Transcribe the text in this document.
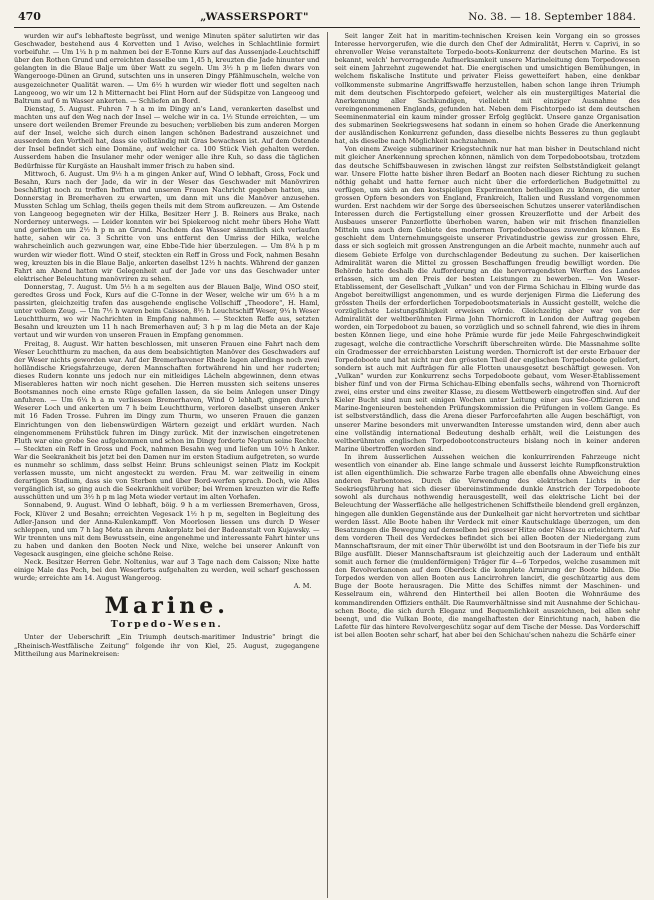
470	„WASSERSPORT"	No. 38. — 18. September 1884.

wurden wir auf's lebhafteste begrüsst, und wenige Minuten später salutirten wir das Geschwader, bestehend aus 4 Korvetten und 1 Aviso, welches in Schlachtlinie formirt vorbeifuhr. — Um 1¼ h p m nahmen bei der E-Tonne Kurs auf das Aussenjade-Leuchtschiff über den Rothen Grund und erreichten dasselbe um 1,45 h, kreuzten die Jade hinunter und gelangten in die Blaue Balje um über Watt zu segeln. Um 3½ h p m liefen dwars von Wangerooge-Dünen an Grund, sutschten uns in unseren Dingy Pfählmuscheln, welche von ausgezeichneter Qualität waren. — Um 6½ h wurden wir wieder flott und segelten nach Langeoog, wo wir um 12 h Mitternacht bei Flint Horn auf der Südspitze von Langeoog und Baltrum auf 6 m Wasser ankerten. — Schliefen an Bord.

Dienstag, 5. August. Fuhren 7 h a m im Dingy an's Land, verankerten daselbst und machten uns auf den Weg nach der Insel — welche wir in ca. 1½ Stunde erreichten, — um unsere dort weilenden Bremer Freunde zu besuchen; verblieben bis zum anderen Morgen auf der Insel, welche sich durch einen langen schönen Badestrand auszeichnet und ausserdem den Vortheil hat, dass sie vollständig mit Gras bewachsen ist. Auf dem Ostende der Insel befindet sich eine Domäne, auf welcher ca. 100 Stück Vieh gehalten werden. Ausserdem haben die Insulaner mehr oder weniger alle ihre Kuh, so dass die täglichen Bedürfnisse für Kurgäste an Haushalt immer frisch zu haben sind.

Mittwoch, 6. August. Um 9½ h a m gingen Anker auf, Wind O lebhaft, Gross, Fock und Besahn, Kurs nach der Jade, da wir in der Weser das Geschwader mit Manövriren beschäftigt noch zu treffen hofften und unseren Frauen Nachricht gegeben hatten, uns Donnerstag in Bremerhaven zu erwarten, um dann mit uns die Manöver anzusehen. Mussten Schlag um Schlag, theils gegen theils mit dem Strom aufkreuzen. — Am Ostende von Langeoog begegneten wir der Hilka, Besitzer Herr J. B. Reiners aus Brake, nach Norderney unterwegs. — Leider konnten wir bei Spiekeroog nicht mehr übers Hohe Watt und geriethen um 2½ h p m an Grund. Nachdem das Wasser sämmtlich sich verlaufen hatte, sahen wir ca. 3 Schritte von uns entfernt den Umriss der Hilka, welche wahrscheinlich auch gezwungen war, eine Ebbe-Tide hier überzulegen. — Um 8¼ h p m wurden wir wieder flott. Wind O steif, steckten ein Reff in Gross und Fock, nahmen Besahn weg, kreuzten bis in die Blaue Balje, ankerten daselbst 12½ h nachts. Während der ganzen Fahrt am Abend hatten wir Gelegenheit auf der Jade vor uns das Geschwader unter elektrischer Beleuchtung manövriren zu sehen.

Donnerstag, 7. August. Um 5½ h a m segelten aus der Blauen Balje, Wind OSO steif, geredtes Gross und Fock, Kurs auf die C-Tonne in der Weser, welche wir um 6½ h a m passirten, gleichzeitig trafen das ausgehende englische Vollschiff „Theodore", H. Haml, unter vollem Zeug. — Um 7½ h waren beim Caisson, 8½ h Leuchtschiff Weser, 9¼ h Weser Leuchtthurm, wo wir Nachrichten in Empfang nahmen. — Steckten Reffe aus, setzten Besahn und kreuzten um 11 h nach Bremerhaven auf; 3 h p m lag die Meta an der Kaje vertaut und wir wurden von unseren Frauen in Empfang genommen.

Freitag, 8. August. Wir hatten beschlossen, mit unseren Frauen eine Fahrt nach dem Weser Leuchtthurm zu machen, da aus dem beabsichtigten Manöver des Geschwaders auf der Weser nichts geworden war. Auf der Bremerhavener Rhede lagen allerdings noch zwei holländische Kriegsfahrzeuge, deren Mannschaften fortwährend hin und her ruderten; dieses Rudern konnte uns jedoch nur ein mitleidiges Lächeln abgewinnen, denn etwas Miserableres hatten wir noch nicht gesehen. Die Herren mussten sich seitens unseres Bootsmannes noch eine ernste Rüge gefallen lassen, da sie beim Anlegen unser Dingy anfuhren. — Um 6¼ h a m verliessen Bremerhaven, Wind O lebhaft, gingen durch's Weserer Loch und ankerten um 7 h beim Leuchtthurm, verloren daselbst unseren Anker mit 16 Faden Trosse. Fuhren im Dingy zum Thurm, wo unseren Frauen die ganzen Einrichtungen von den liebenswürdigen Wärtern gezeigt und erklärt wurden. Nach eingenommenem Frühstück fuhren im Dingy zurück. Mit der inzwischen eingetretenen Fluth war eine grobe See aufgekommen und schon im Dingy forderte Neptun seine Rechte. — Steckten ein Reff in Gross und Fock, nahmen Besahn weg und liefen um 10½ h Anker. War die Seekrankheit bis jetzt bei den Damen nur im ersten Stadium aufgetreten, so wurde es nunmehr so schlimm, dass selbst Heinr. Bruns schleunigst seinen Platz im Kockpit verlassen musste, um nicht angesteckt zu werden. Frau M. war zeitweilig in einem derartigen Stadium, dass sie von Sterben und über Bord-werfen sprach. Doch, wie Alles vergänglich ist, so ging auch die Seekrankheit vorüber; bei Wremen kreuzten wir die Reffe ausschütten und um 3½ h p m lag Meta wieder vertaut im alten Vorhafen.

Sonnabend, 9. August. Wind O lebhaft, böig. 9 h a m verliessen Bremerhaven, Gross, Fock, Klüver 2 und Besahn; erreichten Vegesack 1½ h p m, segelten in Begleitung des Adler-Janson und der Anna-Kulenkampff. Von Moorlosen liessen uns durch D Weser schleppen, und um 7 h lag Meta an ihrem Ankerplatz bei der Badeanstalt von Kujawsky. — Wir trennten uns mit dem Bewusstsein, eine angenehme und interessante Fahrt hinter uns zu haben und danken den Booten Neck und Nixe, welche bei unserer Ankunft von Vegesack ausgingen, eine gleiche schöne Reise.

Neck. Besitzer Herren Gebr. Noltenius, war auf 3 Tage nach dem Caisson; Nixe hatte einige Male das Pech, bei den Weserforts aufgehalten zu werden, weil scharf geschossen wurde; erreichte am 14. August Wangeroog.

A. M.

Marine.
Torpedo-Wesen.

Unter der Ueberschrift „Ein Triumph deutsch-maritimer Industrie" bringt die „Rheinisch-Westfälische Zeitung" folgende ihr von Kiel, 25. August, zugegangene Mittheilung aus Marinekreisen:

Seit langer Zeit hat in maritim-technischen Kreisen kein Vorgang ein so grosses Interesse hervorgerufen, wie die durch den Chef der Admiralität, Herrn v. Caprivi, in so ehrenvoller Weise veranstaltete Torpedo-boots-Konkurrenz der deutschen Marine. Es ist bekannt, welch' hervorragende Aufmerksamkeit unsere Marineleitung dem Torpedowesen seit einem Jahrzehnt zugewendet hat. Die energischen und umsichtigen Bemühungen, in welchem fiskalische Institute und privater Fleiss gewetteifert haben, eine denkbar vollkommenste submarine Angriffswaffe herzustellen, haben schon lange ihren Triumph mit dem deutschen Fischtorpedo gefeiert, welcher als ein mustergiltiges Material die Anerkennung aller Sachkundigen, vielleicht mit einziger Ausnahme des vereingenommenen Englands, gefunden hat. Neben dem Fischtorpedo ist dem deutschen Seeminenmaterial ein kaum minder grosser Erfolg geglückt. Unsere ganze Organisation des submarinen Seekriegswesens hat sodann in einem so hohen Grade die Anerkennung der ausländischen Konkurrenz gefunden, dass dieselbe nichts Besseres zu thun geglaubt hat, als dieselbe nach Möglichkeit nachzuahmen.

Von einem Zweige submariner Kriegstechnik nur hat man bisher in Deutschland nicht mit gleicher Anerkennung sprechen können, nämlich von dem Torpedobootsbau, trotzdem das deutsche Schiffsbauwesen in zwischen längst zur reifsten Selbstständigkeit gelangt war. Unsere Flotte hatte bisher ihren Bedarf an Booten nach dieser Richtung zu suchen nöthig gehabt und hatte ferner auch nicht über die erforderlichen Budgetmittel zu verfügen, um sich an den kostspieligen Experimenten betheiligen zu können, die unter grossen Opfern besonders von England, Frankreich, Italien und Russland vorgenommen wurden. Erst nachdem wir der Sorge des überseeischen Schutzes unserer vaterländischen Interessen durch die Fertigstellung einer grossen Kreuzerflotte und der Arbeit des Ausbaues unserer Panzerflotte überhoben waren, haben wir mit frischen finanziellen Mitteln uns auch dem Gebiete des modernen Torpedobootbaues zuwenden können. Es geschieht dem Unternehmungsgeiste unserer Privatindustrie gewiss zur grossen Ehre, dass er sich sogleich mit grossen Anstrengungen an die Arbeit machte, nunmehr auch auf diesem Gebiete Erfolge von durchschlagender Bedeutung zu suchen. Der kaiserlichen Admiralität waren die Mittel zu grossen Beschaffungen freudig bewilligt worden. Die Behörde hatte deshalb die Aufforderung an die hervorragendsten Werften des Landes erlassen, sich um den Preis der besten Leistungen zu bewerben. — Von Weser-Etablissement, der Gesellschaft „Vulkan" und von der Firma Schichau in Elbing wurde das Angebot bereitwilligst angenommen, und es wurde derjenigen Firma die Lieferung des grössten Theils der erforderlichen Torpedobootsmaterials in Aussicht gestellt, welche die vorzüglichste Leistungsfähigkeit erweisen würde. Gleichzeitig aber war von der Admiralität der weltberühmten Firma John Thornicroft in London der Auftrag gegeben worden, ein Torpedoboot zu bauen, so vorzüglich und so schnell fahrend, wie dies in ihrem besten Können liege, und eine hohe Prämie wurde für jede Meile Fahrgeschwindigkeit zugesagt, welche die contractliche Vorschrift überschreiten würde. Die Massnahme sollte ein Gradmesser der erreichbarsten Leistung werden. Thornicroft ist der erste Erbauer der Torpedoboote und hat nicht nur den grössten Theil der englischen Torpedoboote geliefert, sondern ist auch mit Aufträgen für alle Flotten unausgesetzt beschäftigt gewesen. Von „Vulkan" wurden zur Konkurrenz sechs Torpedoboote gebaut, vom Weser-Etablissement bisher fünf und von der Firma Schichau-Elbing ebenfalls sechs, während von Thornicroft zwei, eins erster und eins zweiter Klasse, zu diesem Wettbewerb eingetroffen sind. Auf der Kieler Bucht sind nun seit einigen Wochen unter Leitung einer aus See-Offizieren und Marine-Ingenieuren bestehenden Prüfungskommission die Prüfungen in vollem Gange. Es ist selbstverständlich, dass die Arena dieser Parforcefahrten alle Augen beschäftigt, von unserer Marine besonders mit unverwandten Interesse umstanden wird, denn aber auch eine vollständig international Bedeutung deshalb erhält, weil die Leistungen des weltberühmten englischen Torpedobootconstructeurs bislang noch in keiner anderen Marine übertroffen worden sind.

In ihrem äusserlichen Aussehen weichen die konkurrirenden Fahrzeuge nicht wesentlich von einander ab. Eine lange schmale und äusserst leichte Rumpfkonstruktion ist allen eigenthümlich. Die schwarze Farbe tragen alle ebenfalls ohne Abweichung eines anderen Farbentones. Durch die Verwendung des elektrischen Lichts in der Seekriegsführung hat sich dieser übereinstimmende dunkle Anstrich der Torpedoboote sowohl als durchaus nothwendig herausgestellt, weil das elektrische Licht bei der Beleuchtung der Wasserfläche alle hellgestrichenen Schiffstheile blendend grell ergänzen, hingegen alle dunklen Gegenstände aus der Dunkelheit gar nicht hervortreten und sichtbar werden lässt. Alle Boote haben ihr Verdeck mit einer Kautschuklage überzogen, um den Besatzungen die Bewegung auf demselben bei grosser Hitze oder Nässe zu erleichtern. Auf dem vorderen Theil des Verdeckes befindet sich bei allen Booten der Niedergang zum Mannschaftsraum, der mit einer Thür überwölbt ist und den Bootsraum in der Tiefe bis zur Bilge ausfüllt. Dieser Mannschaftsraum ist gleichzeitig auch der Laderaum und enthält somit auch ferner die (muldenförmigen) Träger für 4—6 Torpedos, welche zusammen mit den Revolverkanonen auf dem Oberdeck die komplete Armirung der Boote bilden. Die Torpedos werden von allen Booten aus Lancirrohren lancirt, die geschützartig aus dem Buge der Boote herausragen. Die Mitte des Schiffes nimmt der Maschinen- und Kesselraum ein, während den Hintertheil bei allen Booten die Wohnräume des kommandirenden Offiziers enthält. Die Raumverhältnisse sind mit Ausnahme der Schichau-schen Boote, die sich durch Eleganz und Bequemlichkeit auszeichnen, bei allen sehr beengt, und die Vulkan Boote, die mangelhaftesten der Einrichtung nach, haben die Lafette für das hintere Revolvergeschütz sogar auf dem Tische der Messe. Das Vorderschiff ist bei allen Booten sehr scharf, hat aber bei den Schichau'schen nahezu die Schärfe einer
